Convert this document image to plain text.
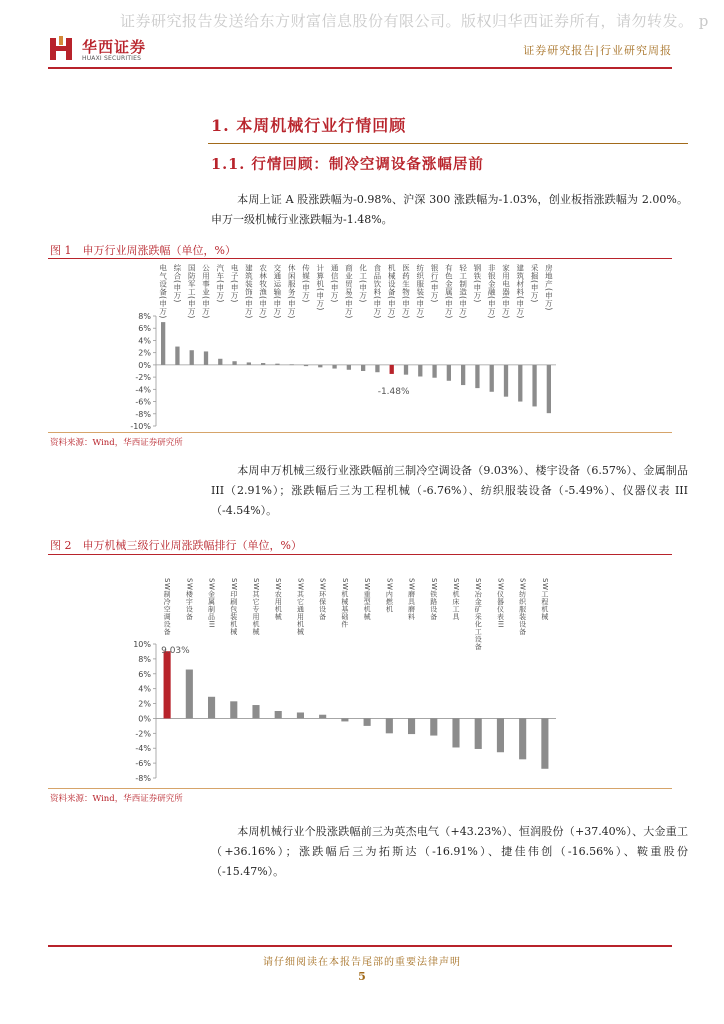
证券研究报告发送给东方财富信息股份有限公司。版权归华西证券所有，请勿转发。 p
华西证券
HUAXI SECURITIES
证券研究报告|行业研究周报
1. 本周机械行业行情回顾
1.1. 行情回顾：制冷空调设备涨幅居前
本周上证 A 股涨跌幅为-0.98%、沪深 300 涨跌幅为-1.03%，创业板指涨跌幅为 2.00%。申万一级机械行业涨跌幅为-1.48%。
图 1　申万行业周涨跌幅（单位，%）
8%
6%
4%
2%
0%
-2%
-4%
-6%
-8%
-10%
电气设备(申万) 综合(申万) 国防军工(申万) 公用事业(申万) 汽车(申万) 电子(申万) 建筑装饰(申万) 农林牧渔(申万) 交通运输(申万) 休闲服务(申万) 传媒(申万) 计算机(申万) 通信(申万) 商业贸易(申万) 化工(申万) 食品饮料(申万) 机械设备(申万) 医药生物(申万) 纺织服装(申万) 银行(申万) 有色金属(申万) 轻工制造(申万) 钢铁(申万) 非银金融(申万) 家用电器(申万) 建筑材料(申万) 采掘(申万) 房地产(申万)
-1.48%
资料来源：Wind，华西证券研究所
本周申万机械三级行业涨跌幅前三制冷空调设备（9.03%）、楼宇设备（6.57%）、金属制品 III（2.91%）；涨跌幅后三为工程机械（-6.76%）、纺织服装设备（-5.49%）、仪器仪表 III（-4.54%）。
图 2　申万机械三级行业周涨跌幅排行（单位，%）
10%
8%
6%
4%
2%
0%
-2%
-4%
-6%
-8%
SW制冷空调设备 SW楼宇设备 SW金属制品III SW印刷包装机械 SW其它专用机械 SW农用机械 SW其它通用机械 SW环保设备 SW机械基础件 SW重型机械 SW内燃机 SW磨具磨料 SW铁路设备 SW机床工具 SW冶金矿采化工设备 SW仪器仪表III SW纺织服装设备 SW工程机械
9.03%
资料来源：Wind，华西证券研究所
本周机械行业个股涨跌幅前三为英杰电气（+43.23%）、恒润股份（+37.40%）、大金重工（+36.16%）；涨跌幅后三为拓斯达（-16.91%）、捷佳伟创（-16.56%）、鞍重股份（-15.47%）。
请仔细阅读在本报告尾部的重要法律声明
5
